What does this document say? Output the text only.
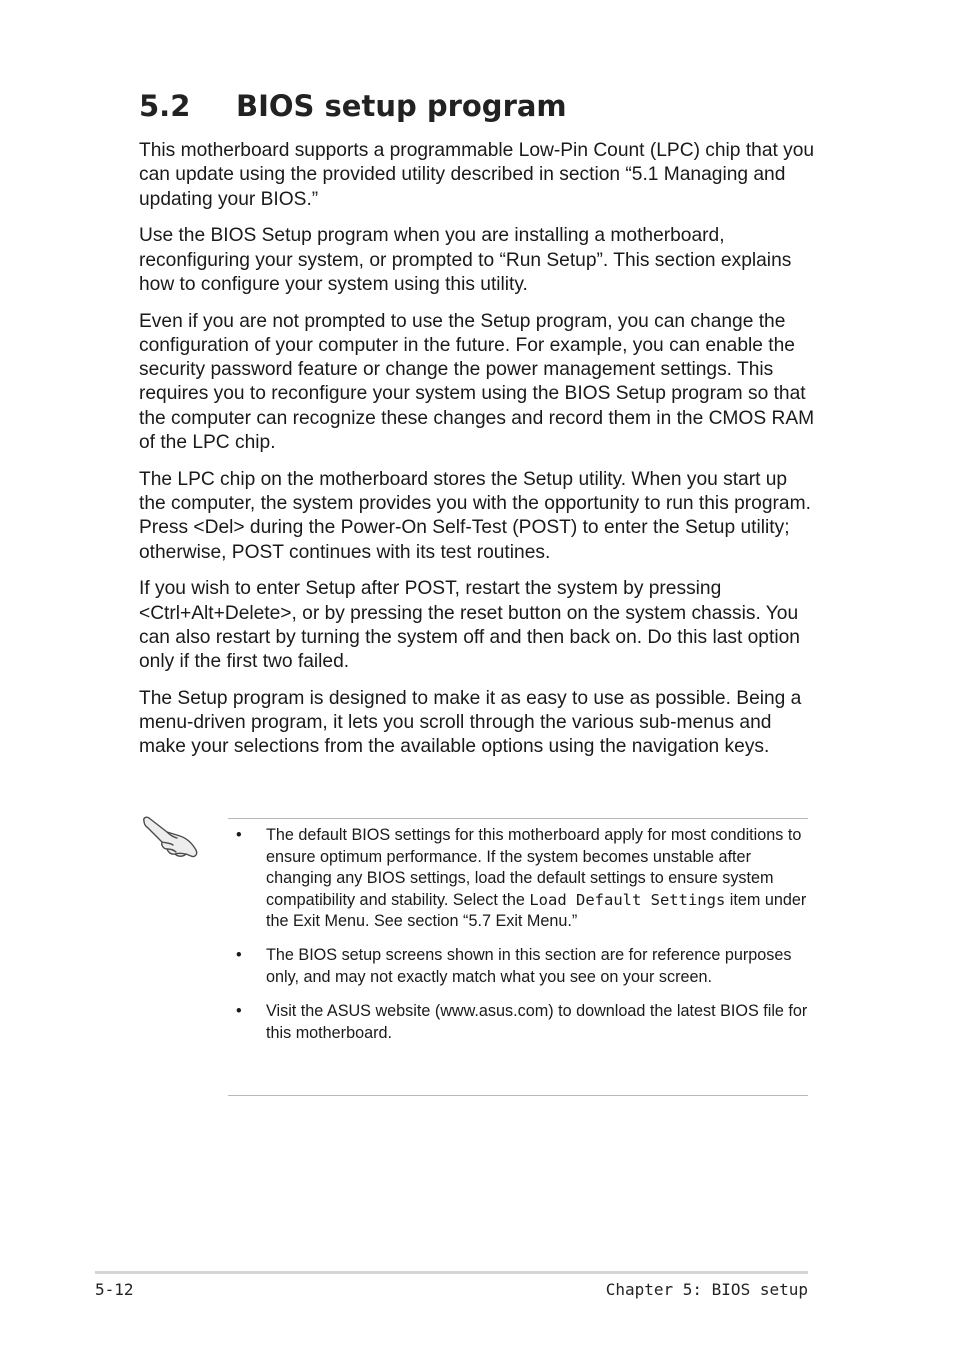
5.2 BIOS setup program

This motherboard supports a programmable Low-Pin Count (LPC) chip that you can update using the provided utility described in section “5.1 Managing and updating your BIOS.”

Use the BIOS Setup program when you are installing a motherboard, reconfiguring your system, or prompted to “Run Setup”. This section explains how to configure your system using this utility.

Even if you are not prompted to use the Setup program, you can change the configuration of your computer in the future. For example, you can enable the security password feature or change the power management settings. This requires you to reconfigure your system using the BIOS Setup program so that the computer can recognize these changes and record them in the CMOS RAM of the LPC chip.

The LPC chip on the motherboard stores the Setup utility. When you start up the computer, the system provides you with the opportunity to run this program. Press <Del> during the Power-On Self-Test (POST) to enter the Setup utility; otherwise, POST continues with its test routines.

If you wish to enter Setup after POST, restart the system by pressing <Ctrl+Alt+Delete>, or by pressing the reset button on the system chassis. You can also restart by turning the system off and then back on. Do this last option only if the first two failed.

The Setup program is designed to make it as easy to use as possible. Being a menu-driven program, it lets you scroll through the various sub-menus and make your selections from the available options using the navigation keys.

• The default BIOS settings for this motherboard apply for most conditions to ensure optimum performance. If the system becomes unstable after changing any BIOS settings, load the default settings to ensure system compatibility and stability. Select the Load Default Settings item under the Exit Menu. See section “5.7 Exit Menu.”
• The BIOS setup screens shown in this section are for reference purposes only, and may not exactly match what you see on your screen.
• Visit the ASUS website (www.asus.com) to download the latest BIOS file for this motherboard.
5-12	Chapter 5: BIOS setup
